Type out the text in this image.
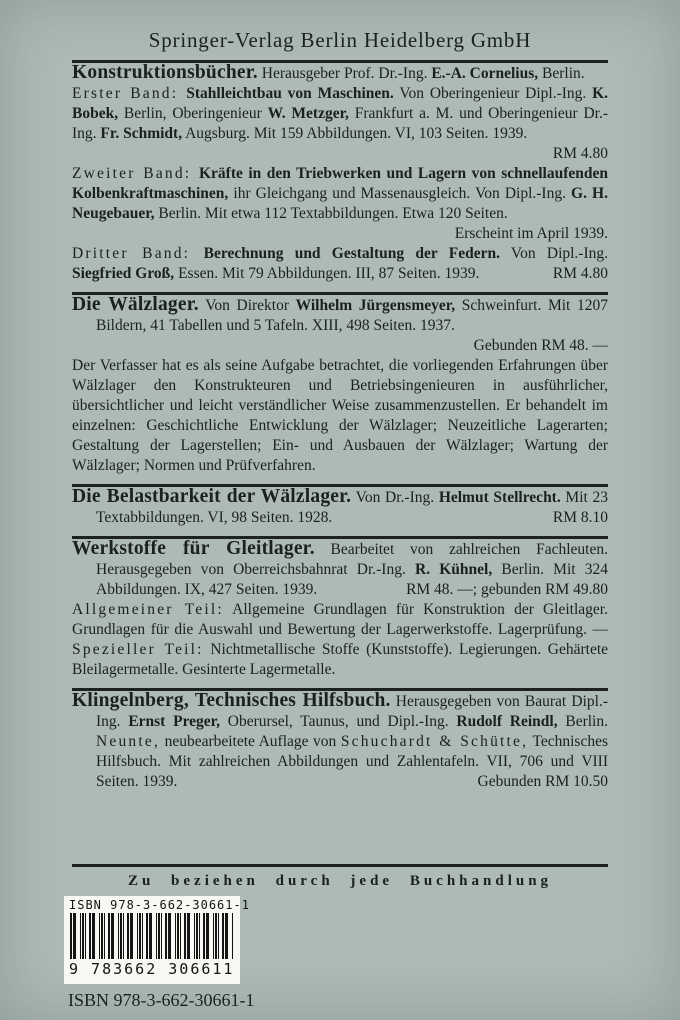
Springer-Verlag Berlin Heidelberg GmbH

Konstruktionsbücher. Herausgeber Prof. Dr.-Ing. E.-A. Cornelius, Berlin.

Erster Band: Stahlleichtbau von Maschinen. Von Oberingenieur Dipl.-Ing. K. Bobek, Berlin, Oberingenieur W. Metzger, Frankfurt a. M. und Oberingenieur Dr.-Ing. Fr. Schmidt, Augsburg. Mit 159 Abbildungen. VI, 103 Seiten. 1939.

RM 4.80

Zweiter Band: Kräfte in den Triebwerken und Lagern von schnellaufenden Kolbenkraftmaschinen, ihr Gleichgang und Massenausgleich. Von Dipl.-Ing. G. H. Neugebauer, Berlin. Mit etwa 112 Textabbildungen. Etwa 120 Seiten.

Erscheint im April 1939.

RM 4.80
Dritter Band: Berechnung und Gestaltung der Federn. Von Dipl.-Ing. Siegfried Groß, Essen. Mit 79 Abbildungen. III, 87 Seiten. 1939.

Die Wälzlager. Von Direktor Wilhelm Jürgensmeyer, Schweinfurt. Mit 1207 Bildern, 41 Tabellen und 5 Tafeln. XIII, 498 Seiten. 1937.

Gebunden RM 48. —

Der Verfasser hat es als seine Aufgabe betrachtet, die vorliegenden Erfahrungen über Wälzlager den Konstrukteuren und Betriebsingenieuren in ausführlicher, übersichtlicher und leicht verständlicher Weise zusammenzustellen. Er behandelt im einzelnen: Geschichtliche Entwicklung der Wälzlager; Neuzeitliche Lagerarten; Gestaltung der Lagerstellen; Ein- und Ausbauen der Wälzlager; Wartung der Wälzlager; Normen und Prüfverfahren.

RM 8.10
Die Belastbarkeit der Wälzlager. Von Dr.-Ing. Helmut Stellrecht. Mit 23 Textabbildungen. VI, 98 Seiten. 1928.

RM 48. —; gebunden RM 49.80
Werkstoffe für Gleitlager. Bearbeitet von zahlreichen Fachleuten. Herausgegeben von Oberreichsbahnrat Dr.-Ing. R. Kühnel, Berlin. Mit 324 Abbildungen. IX, 427 Seiten. 1939.

Allgemeiner Teil: Allgemeine Grundlagen für Konstruktion der Gleitlager. Grundlagen für die Auswahl und Bewertung der Lagerwerkstoffe. Lagerprüfung. — Spezieller Teil: Nichtmetallische Stoffe (Kunststoffe). Legierungen. Gehärtete Bleilagermetalle. Gesinterte Lagermetalle.

Gebunden RM 10.50
Klingelnberg, Technisches Hilfsbuch. Herausgegeben von Baurat Dipl.-Ing. Ernst Preger, Oberursel, Taunus, und Dipl.-Ing. Rudolf Reindl, Berlin. Neunte, neubearbeitete Auflage von Schuchardt & Schütte, Technisches Hilfsbuch. Mit zahlreichen Abbildungen und Zahlentafeln. VII, 706 und VIII Seiten. 1939.

Zu beziehen durch jede Buchhandlung
ISBN 978-3-662-30661-1
9 783662 306611
ISBN 978-3-662-30661-1
